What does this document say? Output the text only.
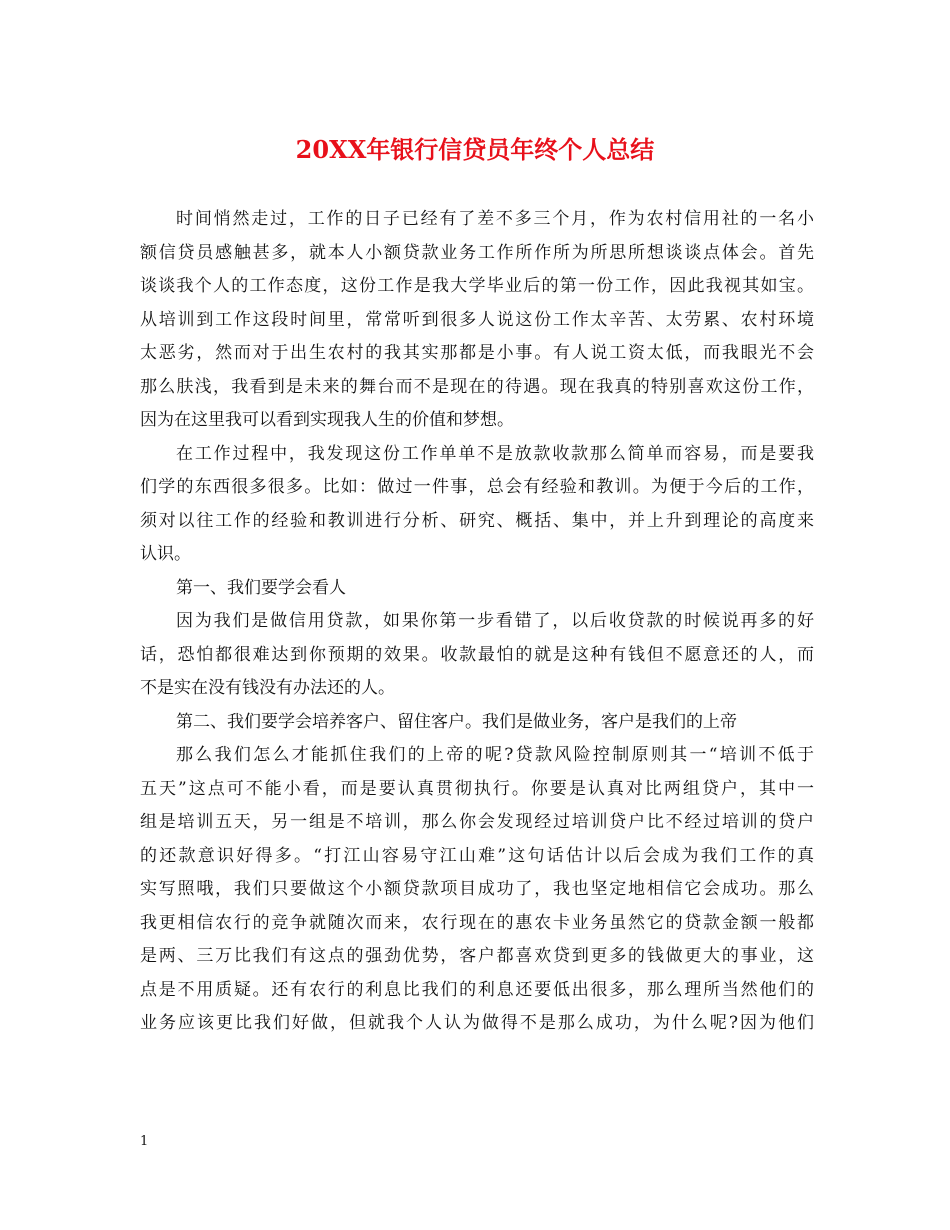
20XX年银行信贷员年终个人总结
时间悄然走过，工作的日子已经有了差不多三个月，作为农村信用社的一名小
额信贷员感触甚多，就本人小额贷款业务工作所作所为所思所想谈谈点体会。首先
谈谈我个人的工作态度，这份工作是我大学毕业后的第一份工作，因此我视其如宝。
从培训到工作这段时间里，常常听到很多人说这份工作太辛苦、太劳累、农村环境
太恶劣，然而对于出生农村的我其实那都是小事。有人说工资太低，而我眼光不会
那么肤浅，我看到是未来的舞台而不是现在的待遇。现在我真的特别喜欢这份工作，
因为在这里我可以看到实现我人生的价值和梦想。
在工作过程中，我发现这份工作单单不是放款收款那么简单而容易，而是要我
们学的东西很多很多。比如：做过一件事，总会有经验和教训。为便于今后的工作，
须对以往工作的经验和教训进行分析、研究、概括、集中，并上升到理论的高度来
认识。
第一、我们要学会看人
因为我们是做信用贷款，如果你第一步看错了，以后收贷款的时候说再多的好
话，恐怕都很难达到你预期的效果。收款最怕的就是这种有钱但不愿意还的人，而
不是实在没有钱没有办法还的人。
第二、我们要学会培养客户、留住客户。我们是做业务，客户是我们的上帝
那么我们怎么才能抓住我们的上帝的呢?贷款风险控制原则其一“培训不低于
五天”这点可不能小看，而是要认真贯彻执行。你要是认真对比两组贷户，其中一
组是培训五天，另一组是不培训，那么你会发现经过培训贷户比不经过培训的贷户
的还款意识好得多。“打江山容易守江山难”这句话估计以后会成为我们工作的真
实写照哦，我们只要做这个小额贷款项目成功了，我也坚定地相信它会成功。那么
我更相信农行的竞争就随次而来，农行现在的惠农卡业务虽然它的贷款金额一般都
是两、三万比我们有这点的强劲优势，客户都喜欢贷到更多的钱做更大的事业，这
点是不用质疑。还有农行的利息比我们的利息还要低出很多，那么理所当然他们的
业务应该更比我们好做，但就我个人认为做得不是那么成功，为什么呢?因为他们
1
